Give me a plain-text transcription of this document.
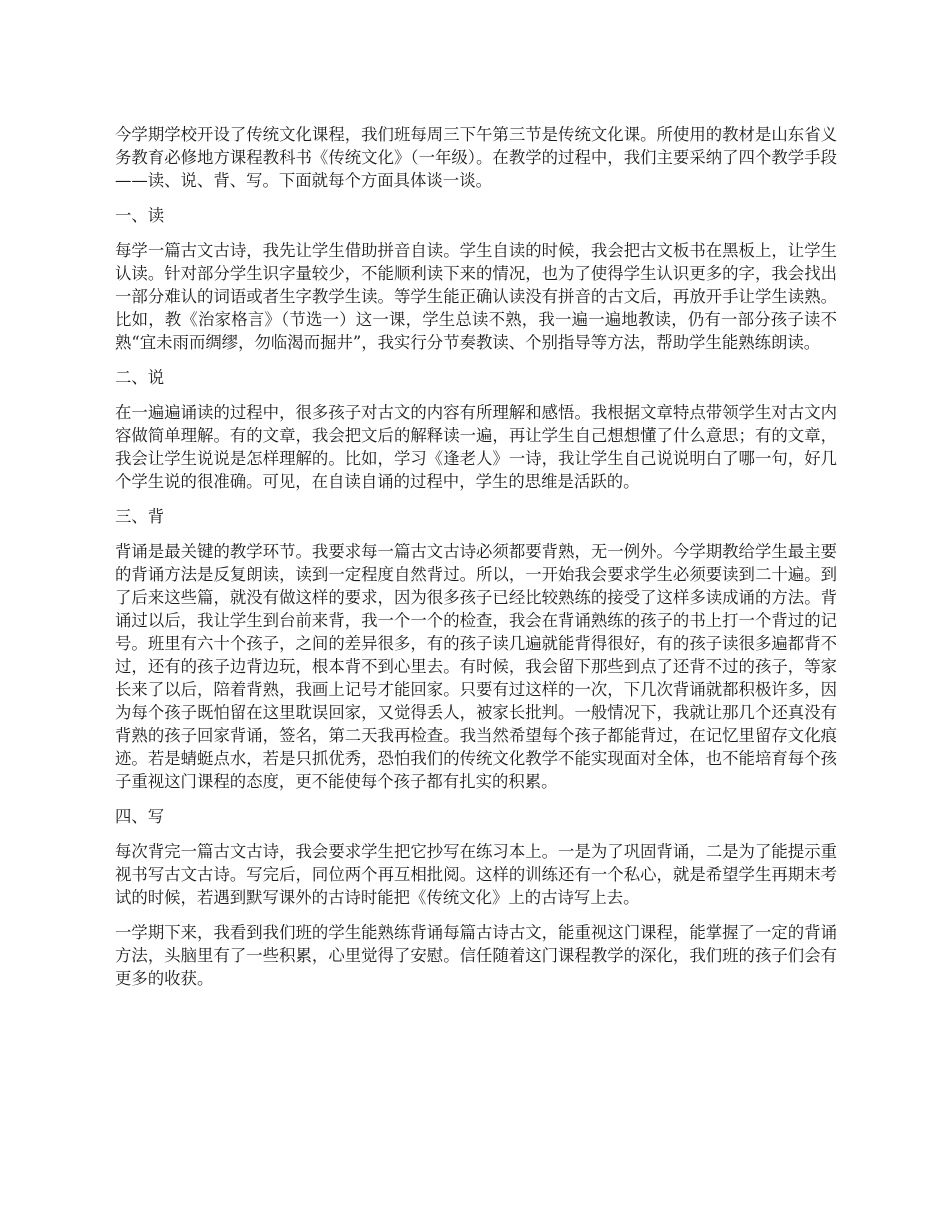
今学期学校开设了传统文化课程，我们班每周三下午第三节是传统文化课。所使用的教材是山东省义务教育必修地方课程教科书《传统文化》（一年级）。在教学的过程中，我们主要采纳了四个教学手段——读、说、背、写。下面就每个方面具体谈一谈。

一、读

每学一篇古文古诗，我先让学生借助拼音自读。学生自读的时候，我会把古文板书在黑板上，让学生认读。针对部分学生识字量较少，不能顺利读下来的情况，也为了使得学生认识更多的字，我会找出一部分难认的词语或者生字教学生读。等学生能正确认读没有拼音的古文后，再放开手让学生读熟。比如，教《治家格言》（节选一）这一课，学生总读不熟，我一遍一遍地教读，仍有一部分孩子读不熟“宜未雨而绸缪，勿临渴而掘井”，我实行分节奏教读、个别指导等方法，帮助学生能熟练朗读。

二、说

在一遍遍诵读的过程中，很多孩子对古文的内容有所理解和感悟。我根据文章特点带领学生对古文内容做简单理解。有的文章，我会把文后的解释读一遍，再让学生自己想想懂了什么意思；有的文章，我会让学生说说是怎样理解的。比如，学习《逢老人》一诗，我让学生自己说说明白了哪一句，好几个学生说的很准确。可见，在自读自诵的过程中，学生的思维是活跃的。

三、背

背诵是最关键的教学环节。我要求每一篇古文古诗必须都要背熟，无一例外。今学期教给学生最主要的背诵方法是反复朗读，读到一定程度自然背过。所以，一开始我会要求学生必须要读到二十遍。到了后来这些篇，就没有做这样的要求，因为很多孩子已经比较熟练的接受了这样多读成诵的方法。背诵过以后，我让学生到台前来背，我一个一个的检查，我会在背诵熟练的孩子的书上打一个背过的记号。班里有六十个孩子，之间的差异很多，有的孩子读几遍就能背得很好，有的孩子读很多遍都背不过，还有的孩子边背边玩，根本背不到心里去。有时候，我会留下那些到点了还背不过的孩子，等家长来了以后，陪着背熟，我画上记号才能回家。只要有过这样的一次，下几次背诵就都积极许多，因为每个孩子既怕留在这里耽误回家，又觉得丢人，被家长批判。一般情况下，我就让那几个还真没有背熟的孩子回家背诵，签名，第二天我再检查。我当然希望每个孩子都能背过，在记忆里留存文化痕迹。若是蜻蜓点水，若是只抓优秀，恐怕我们的传统文化教学不能实现面对全体，也不能培育每个孩子重视这门课程的态度，更不能使每个孩子都有扎实的积累。

四、写

每次背完一篇古文古诗，我会要求学生把它抄写在练习本上。一是为了巩固背诵，二是为了能提示重视书写古文古诗。写完后，同位两个再互相批阅。这样的训练还有一个私心，就是希望学生再期末考试的时候，若遇到默写课外的古诗时能把《传统文化》上的古诗写上去。

一学期下来，我看到我们班的学生能熟练背诵每篇古诗古文，能重视这门课程，能掌握了一定的背诵方法，头脑里有了一些积累，心里觉得了安慰。信任随着这门课程教学的深化，我们班的孩子们会有更多的收获。
